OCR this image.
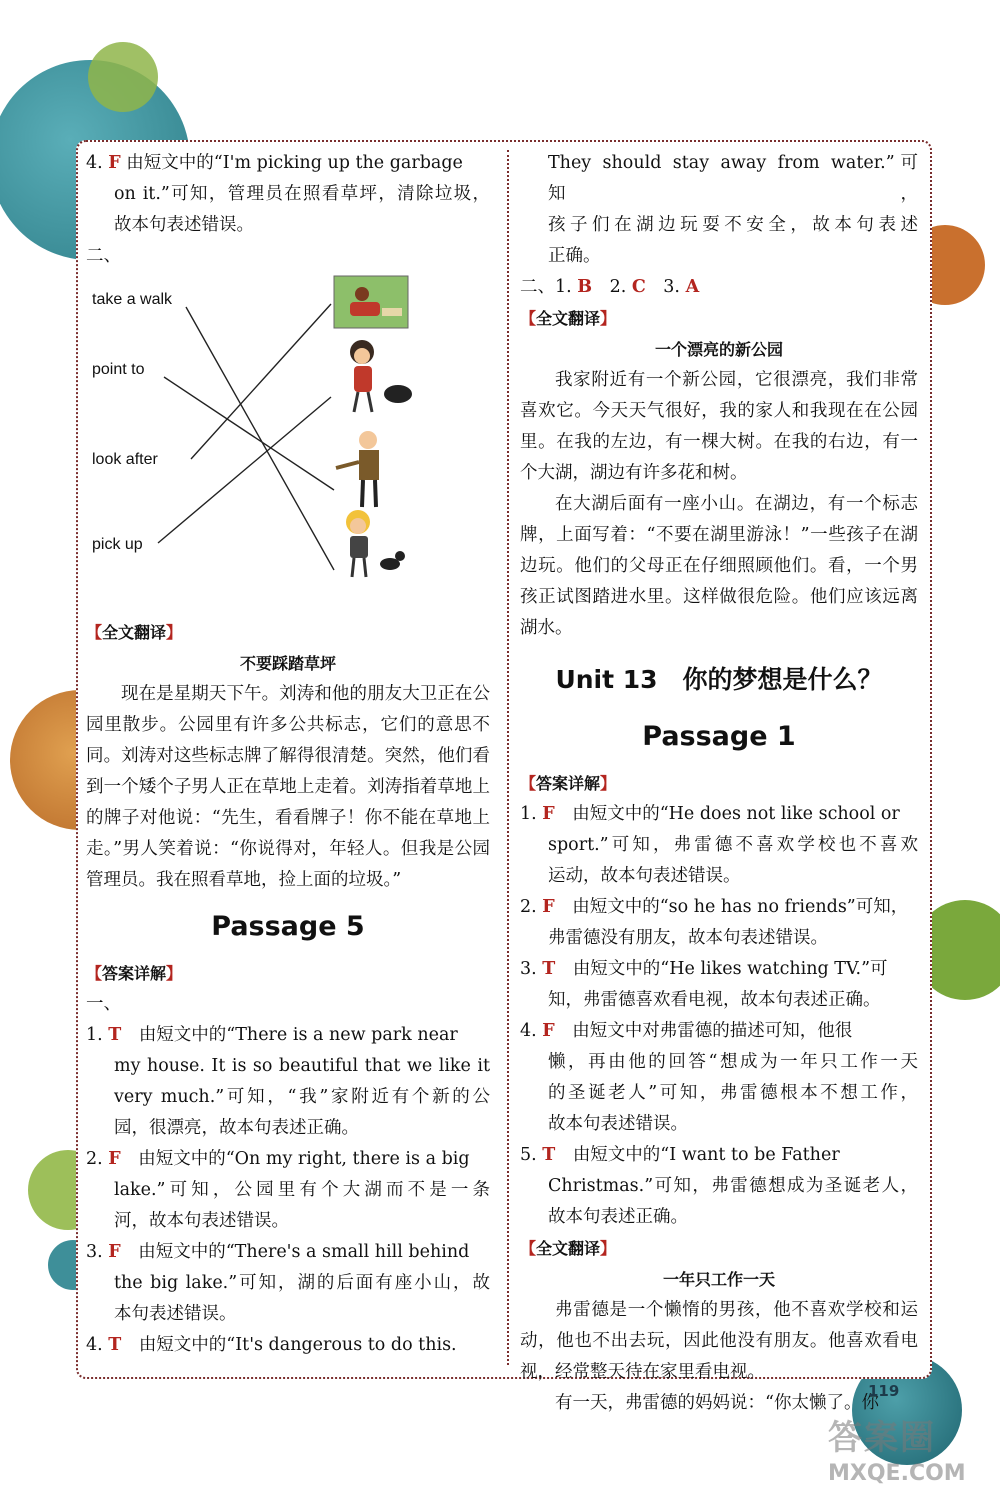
4. F 由短文中的“I'm picking up the garbage
on it.”可知，管理员在照看草坪，清除垃圾，
故本句表述错误。
二、
take a walk
point to
look after
pick up
【全文翻译】
不要踩踏草坪
现在是星期天下午。刘涛和他的朋友大卫正在公园里散步。公园里有许多公共标志，它们的意思不同。刘涛对这些标志牌了解得很清楚。突然，他们看到一个矮个子男人正在草地上走着。刘涛指着草地上的牌子对他说：“先生，看看牌子！你不能在草地上走。”男人笑着说：“你说得对，年轻人。但我是公园管理员。我在照看草地，捡上面的垃圾。”
Passage 5
【答案详解】
一、
1. T　 由短文中的“There is a new park near
my house. It is so beautiful that we like it
very much.”可知，“我”家附近有个新的公
园，很漂亮，故本句表述正确。
2. F　 由短文中的“On my right, there is a big
lake.”可知，公园里有个大湖而不是一条
河，故本句表述错误。
3. F　 由短文中的“There's a small hill behind
the big lake.”可知，湖的后面有座小山，故
本句表述错误。
4. T　 由短文中的“It's dangerous to do this.
They should stay away from water.”可知，
孩子们在湖边玩耍不安全，故本句表述
正确。
二、1. B　 2. C　 3. A
【全文翻译】
一个漂亮的新公园
我家附近有一个新公园，它很漂亮，我们非常喜欢它。今天天气很好，我的家人和我现在在公园里。在我的左边，有一棵大树。在我的右边，有一个大湖，湖边有许多花和树。
在大湖后面有一座小山。在湖边，有一个标志牌，上面写着：“不要在湖里游泳！”一些孩子在湖边玩。他们的父母正在仔细照顾他们。看，一个男孩正试图踏进水里。这样做很危险。他们应该远离湖水。
Unit 13　你的梦想是什么？
Passage 1
【答案详解】
1. F　 由短文中的“He does not like school or
sport.”可知，弗雷德不喜欢学校也不喜欢
运动，故本句表述错误。
2. F　 由短文中的“so he has no friends”可知，
弗雷德没有朋友，故本句表述错误。
3. T　 由短文中的“He likes watching TV.”可
知，弗雷德喜欢看电视，故本句表述正确。
4. F　 由短文中对弗雷德的描述可知，他很
懒，再由他的回答“想成为一年只工作一天
的圣诞老人”可知，弗雷德根本不想工作，
故本句表述错误。
5. T　 由短文中的“I want to be Father
Christmas.”可知，弗雷德想成为圣诞老人，
故本句表述正确。
【全文翻译】
一年只工作一天
弗雷德是一个懒惰的男孩，他不喜欢学校和运动，他也不出去玩，因此他没有朋友。他喜欢看电视，经常整天待在家里看电视。
有一天，弗雷德的妈妈说：“你太懒了。你
119
答案圈
MXQE.COM
